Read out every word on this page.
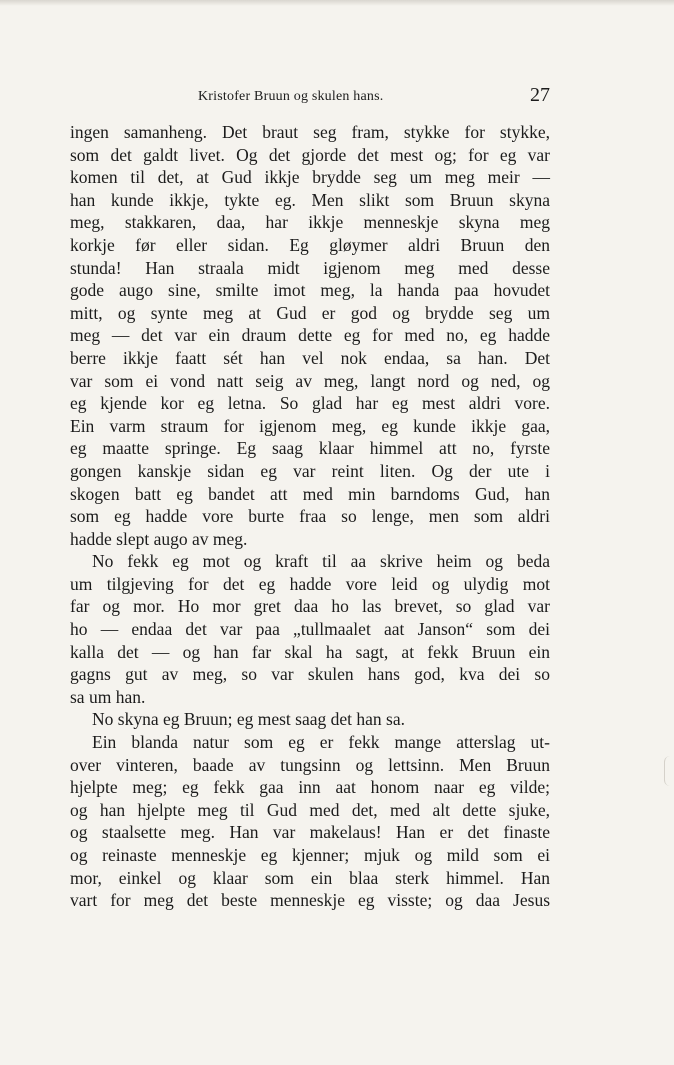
Kristofer Bruun og skulen hans.	27
ingen samanheng. Det braut seg fram, stykke for stykke,
som det galdt livet. Og det gjorde det mest og; for eg var
komen til det, at Gud ikkje brydde seg um meg meir —
han kunde ikkje, tykte eg. Men slikt som Bruun skyna
meg, stakkaren, daa, har ikkje menneskje skyna meg
korkje før eller sidan. Eg gløymer aldri Bruun den
stunda! Han straala midt igjenom meg med desse
gode augo sine, smilte imot meg, la handa paa hovudet
mitt, og synte meg at Gud er god og brydde seg um
meg — det var ein draum dette eg for med no, eg hadde
berre ikkje faatt sét han vel nok endaa, sa han. Det
var som ei vond natt seig av meg, langt nord og ned, og
eg kjende kor eg letna. So glad har eg mest aldri vore.
Ein varm straum for igjenom meg, eg kunde ikkje gaa,
eg maatte springe. Eg saag klaar himmel att no, fyrste
gongen kanskje sidan eg var reint liten. Og der ute i
skogen batt eg bandet att med min barndoms Gud, han
som eg hadde vore burte fraa so lenge, men som aldri
hadde slept augo av meg.
No fekk eg mot og kraft til aa skrive heim og beda
um tilgjeving for det eg hadde vore leid og ulydig mot
far og mor. Ho mor gret daa ho las brevet, so glad var
ho — endaa det var paa „tullmaalet aat Janson“ som dei
kalla det — og han far skal ha sagt, at fekk Bruun ein
gagns gut av meg, so var skulen hans god, kva dei so
sa um han.
No skyna eg Bruun; eg mest saag det han sa.
Ein blanda natur som eg er fekk mange atterslag ut-
over vinteren, baade av tungsinn og lettsinn. Men Bruun
hjelpte meg; eg fekk gaa inn aat honom naar eg vilde;
og han hjelpte meg til Gud med det, med alt dette sjuke,
og staalsette meg. Han var makelaus! Han er det finaste
og reinaste menneskje eg kjenner; mjuk og mild som ei
mor, einkel og klaar som ein blaa sterk himmel. Han
vart for meg det beste menneskje eg visste; og daa Jesus
